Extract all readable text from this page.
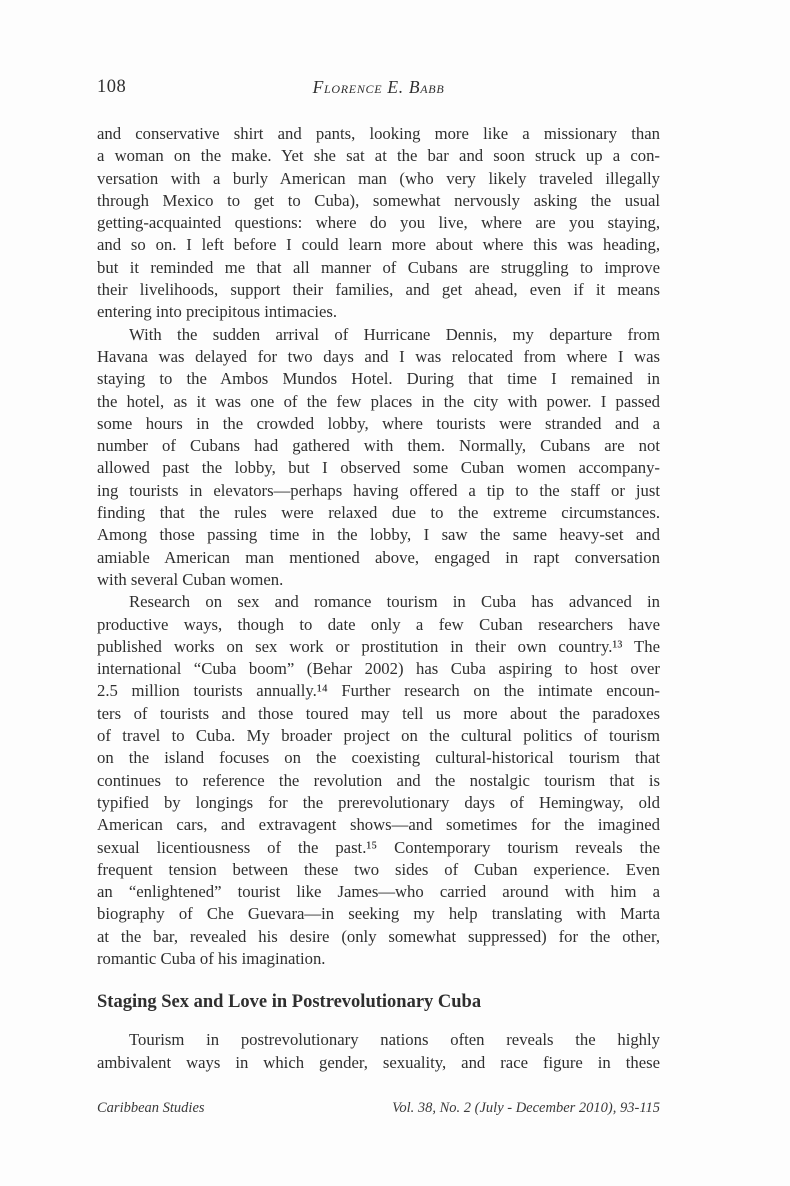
108	Florence E. Babb
and conservative shirt and pants, looking more like a missionary than
a woman on the make. Yet she sat at the bar and soon struck up a con-
versation with a burly American man (who very likely traveled illegally
through Mexico to get to Cuba), somewhat nervously asking the usual
getting-acquainted questions: where do you live, where are you staying,
and so on. I left before I could learn more about where this was heading,
but it reminded me that all manner of Cubans are struggling to improve
their livelihoods, support their families, and get ahead, even if it means
entering into precipitous intimacies.
With the sudden arrival of Hurricane Dennis, my departure from
Havana was delayed for two days and I was relocated from where I was
staying to the Ambos Mundos Hotel. During that time I remained in
the hotel, as it was one of the few places in the city with power. I passed
some hours in the crowded lobby, where tourists were stranded and a
number of Cubans had gathered with them. Normally, Cubans are not
allowed past the lobby, but I observed some Cuban women accompany-
ing tourists in elevators—perhaps having offered a tip to the staff or just
finding that the rules were relaxed due to the extreme circumstances.
Among those passing time in the lobby, I saw the same heavy-set and
amiable American man mentioned above, engaged in rapt conversation
with several Cuban women.
Research on sex and romance tourism in Cuba has advanced in
productive ways, though to date only a few Cuban researchers have
published works on sex work or prostitution in their own country.¹³ The
international “Cuba boom” (Behar 2002) has Cuba aspiring to host over
2.5 million tourists annually.¹⁴ Further research on the intimate encoun-
ters of tourists and those toured may tell us more about the paradoxes
of travel to Cuba. My broader project on the cultural politics of tourism
on the island focuses on the coexisting cultural-historical tourism that
continues to reference the revolution and the nostalgic tourism that is
typified by longings for the prerevolutionary days of Hemingway, old
American cars, and extravagent shows—and sometimes for the imagined
sexual licentiousness of the past.¹⁵ Contemporary tourism reveals the
frequent tension between these two sides of Cuban experience. Even
an “enlightened” tourist like James—who carried around with him a
biography of Che Guevara—in seeking my help translating with Marta
at the bar, revealed his desire (only somewhat suppressed) for the other,
romantic Cuba of his imagination.
Staging Sex and Love in Postrevolutionary Cuba
Tourism in postrevolutionary nations often reveals the highly
ambivalent ways in which gender, sexuality, and race figure in these
Caribbean Studies	Vol. 38, No. 2 (July - December 2010), 93-115
